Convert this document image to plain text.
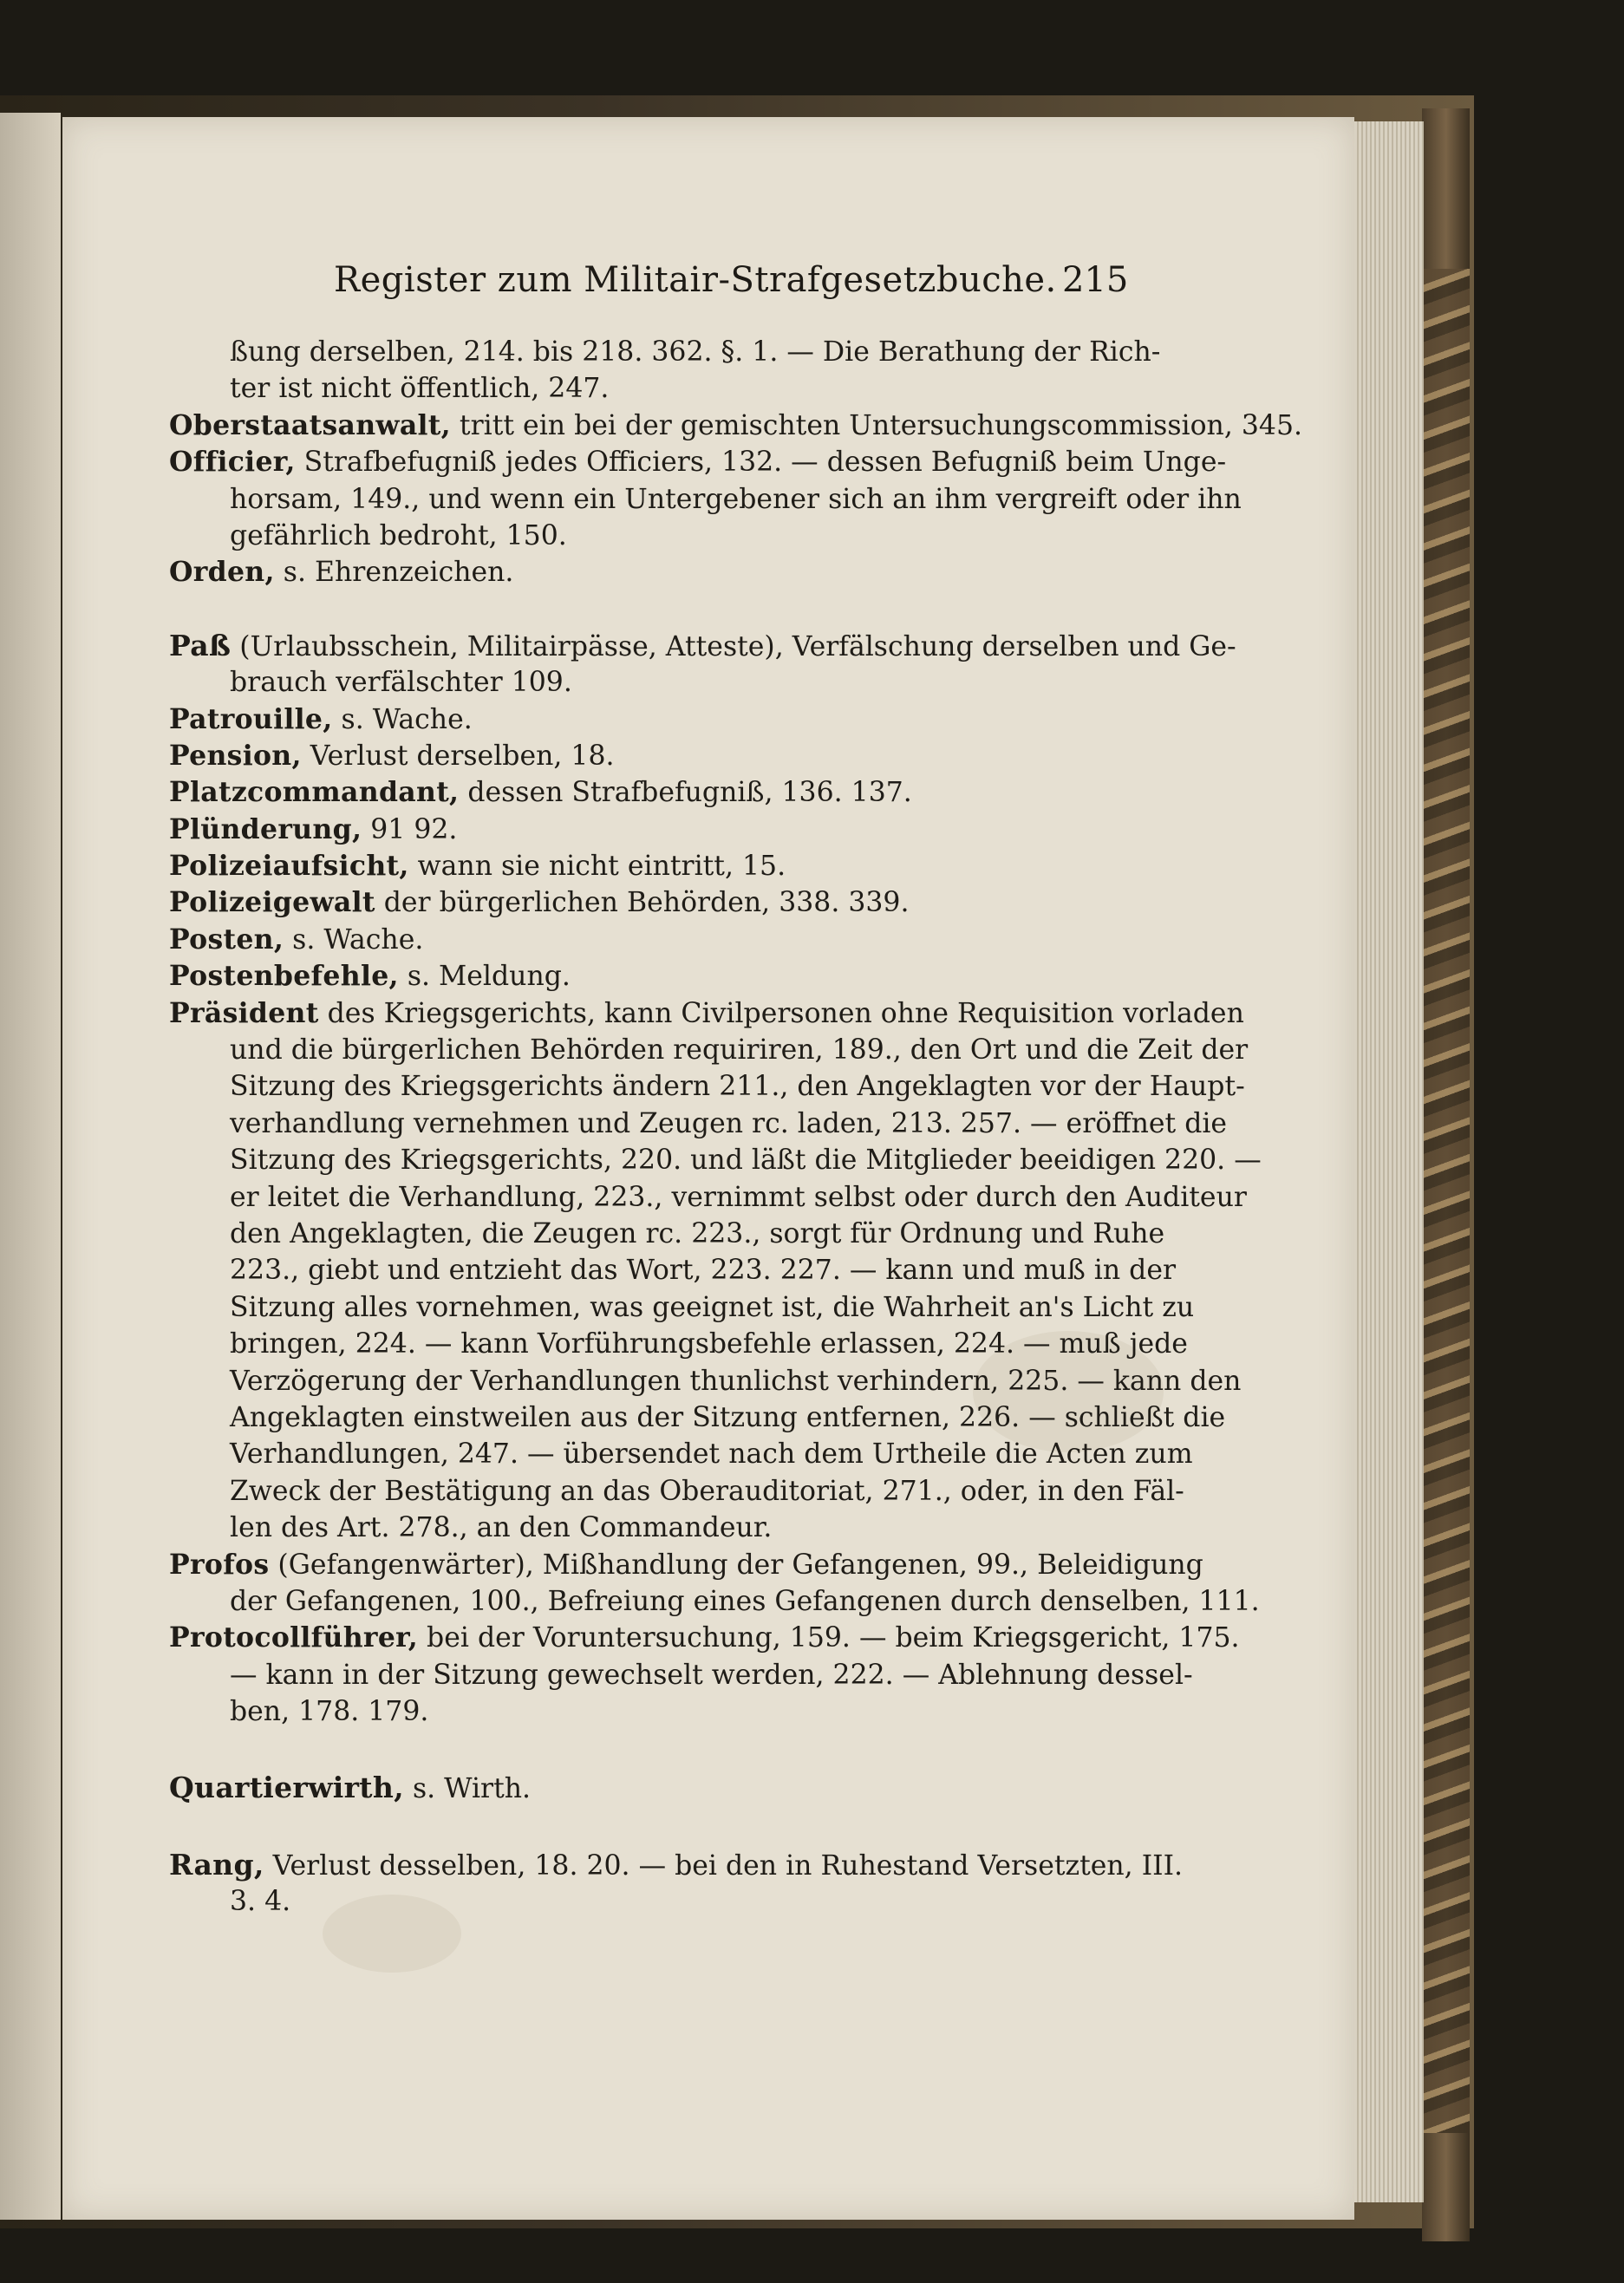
Register zum Militair-Strafgesetzbuche. 215
ßung derselben, 214. bis 218. 362. §. 1. — Die Berathung der Rich-
ter ist nicht öffentlich, 247.
Oberstaatsanwalt, tritt ein bei der gemischten Untersuchungscommission, 345.
Officier, Strafbefugniß jedes Officiers, 132. — dessen Befugniß beim Unge-
horsam, 149., und wenn ein Untergebener sich an ihm vergreift oder ihn
gefährlich bedroht, 150.
Orden, s. Ehrenzeichen.
Paß (Urlaubsschein, Militairpässe, Atteste), Verfälschung derselben und Ge-
brauch verfälschter 109.
Patrouille, s. Wache.
Pension, Verlust derselben, 18.
Platzcommandant, dessen Strafbefugniß, 136. 137.
Plünderung, 91 92.
Polizeiaufsicht, wann sie nicht eintritt, 15.
Polizeigewalt der bürgerlichen Behörden, 338. 339.
Posten, s. Wache.
Postenbefehle, s. Meldung.
Präsident des Kriegsgerichts, kann Civilpersonen ohne Requisition vorladen
und die bürgerlichen Behörden requiriren, 189., den Ort und die Zeit der
Sitzung des Kriegsgerichts ändern 211., den Angeklagten vor der Haupt-
verhandlung vernehmen und Zeugen rc. laden, 213. 257. — eröffnet die
Sitzung des Kriegsgerichts, 220. und läßt die Mitglieder beeidigen 220. —
er leitet die Verhandlung, 223., vernimmt selbst oder durch den Auditeur
den Angeklagten, die Zeugen rc. 223., sorgt für Ordnung und Ruhe
223., giebt und entzieht das Wort, 223. 227. — kann und muß in der
Sitzung alles vornehmen, was geeignet ist, die Wahrheit an's Licht zu
bringen, 224. — kann Vorführungsbefehle erlassen, 224. — muß jede
Verzögerung der Verhandlungen thunlichst verhindern, 225. — kann den
Angeklagten einstweilen aus der Sitzung entfernen, 226. — schließt die
Verhandlungen, 247. — übersendet nach dem Urtheile die Acten zum
Zweck der Bestätigung an das Oberauditoriat, 271., oder, in den Fäl-
len des Art. 278., an den Commandeur.
Profos (Gefangenwärter), Mißhandlung der Gefangenen, 99., Beleidigung
der Gefangenen, 100., Befreiung eines Gefangenen durch denselben, 111.
Protocollführer, bei der Voruntersuchung, 159. — beim Kriegsgericht, 175.
— kann in der Sitzung gewechselt werden, 222. — Ablehnung dessel-
ben, 178. 179.
Quartierwirth, s. Wirth.
Rang, Verlust desselben, 18. 20. — bei den in Ruhestand Versetzten, III.
3. 4.
